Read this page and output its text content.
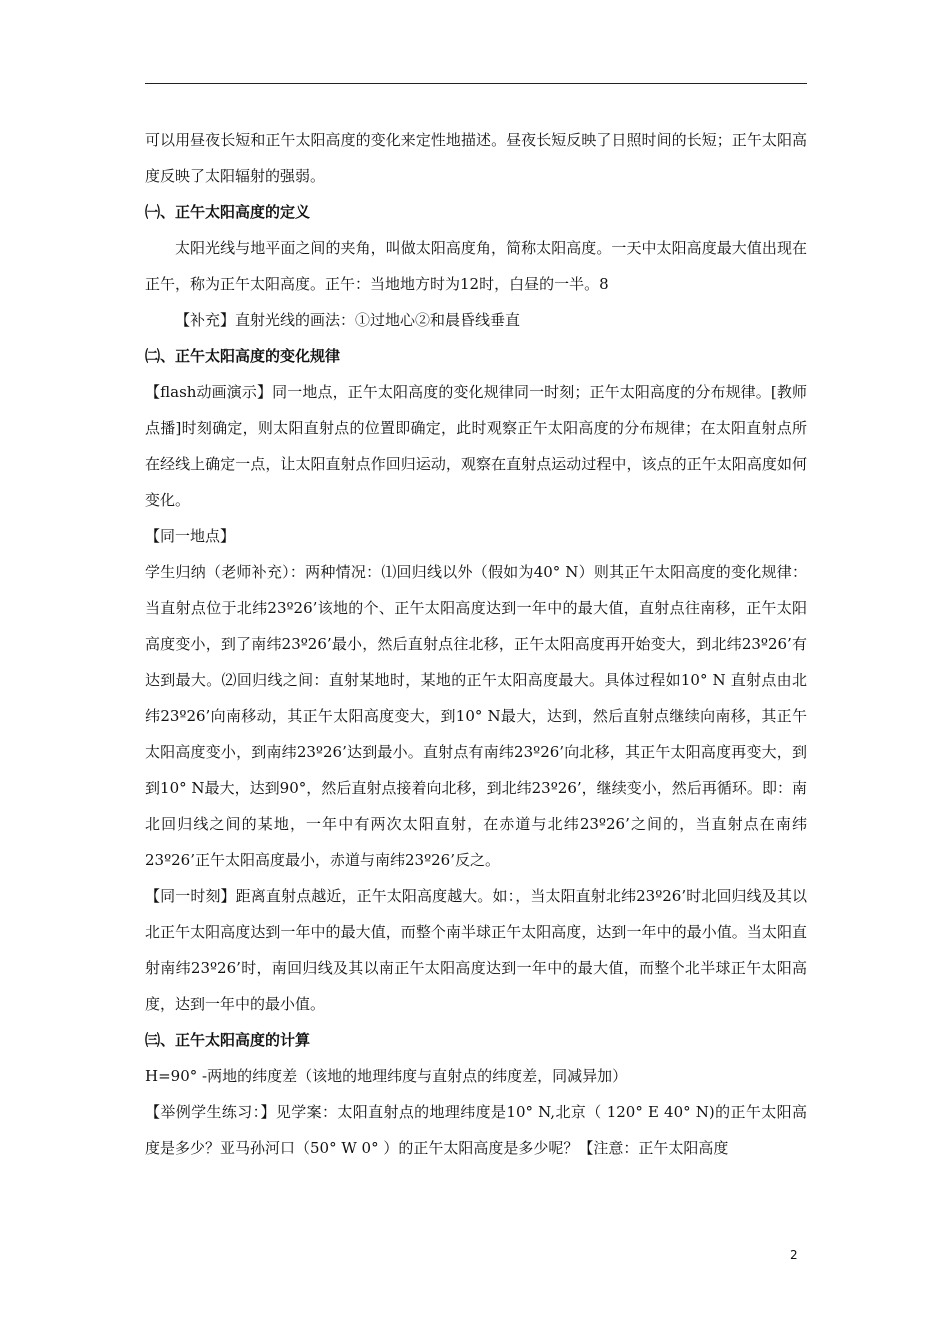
可以用昼夜长短和正午太阳高度的变化来定性地描述。昼夜长短反映了日照时间的长短；正午太阳高度反映了太阳辐射的强弱。

㈠、正午太阳高度的定义

太阳光线与地平面之间的夹角，叫做太阳高度角，简称太阳高度。一天中太阳高度最大值出现在正午，称为正午太阳高度。正午：当地地方时为12时，白昼的一半。8

【补充】直射光线的画法：①过地心②和晨昏线垂直

㈡、正午太阳高度的变化规律

【flash动画演示】同一地点，正午太阳高度的变化规律同一时刻；正午太阳高度的分布规律。[教师点播]时刻确定，则太阳直射点的位置即确定，此时观察正午太阳高度的分布规律；在太阳直射点所在经线上确定一点，让太阳直射点作回归运动，观察在直射点运动过程中，该点的正午太阳高度如何变化。

【同一地点】

学生归纳（老师补充）：两种情况：⑴回归线以外（假如为40° N）则其正午太阳高度的变化规律：当直射点位于北纬23º26’该地的个、正午太阳高度达到一年中的最大值，直射点往南移，正午太阳高度变小，到了南纬23º26’最小，然后直射点往北移，正午太阳高度再开始变大，到北纬23º26’有达到最大。⑵回归线之间：直射某地时，某地的正午太阳高度最大。具体过程如10° N 直射点由北纬23º26’向南移动，其正午太阳高度变大，到10° N最大，达到，然后直射点继续向南移，其正午太阳高度变小，到南纬23º26’达到最小。直射点有南纬23º26’向北移，其正午太阳高度再变大，到到10° N最大，达到90°，然后直射点接着向北移，到北纬23º26’，继续变小，然后再循环。即：南北回归线之间的某地，一年中有两次太阳直射，在赤道与北纬23º26’之间的，当直射点在南纬23º26’正午太阳高度最小，赤道与南纬23º26’反之。

【同一时刻】距离直射点越近，正午太阳高度越大。如：，当太阳直射北纬23º26’时北回归线及其以北正午太阳高度达到一年中的最大值，而整个南半球正午太阳高度，达到一年中的最小值。当太阳直射南纬23º26’时，南回归线及其以南正午太阳高度达到一年中的最大值，而整个北半球正午太阳高度，达到一年中的最小值。

㈢、正午太阳高度的计算

H=90° -两地的纬度差（该地的地理纬度与直射点的纬度差，同减异加）

【举例学生练习：】见学案：太阳直射点的地理纬度是10° N,北京（ 120° E 40° N)的正午太阳高度是多少？亚马孙河口（50° W 0° ）的正午太阳高度是多少呢？【注意：正午太阳高度

2
